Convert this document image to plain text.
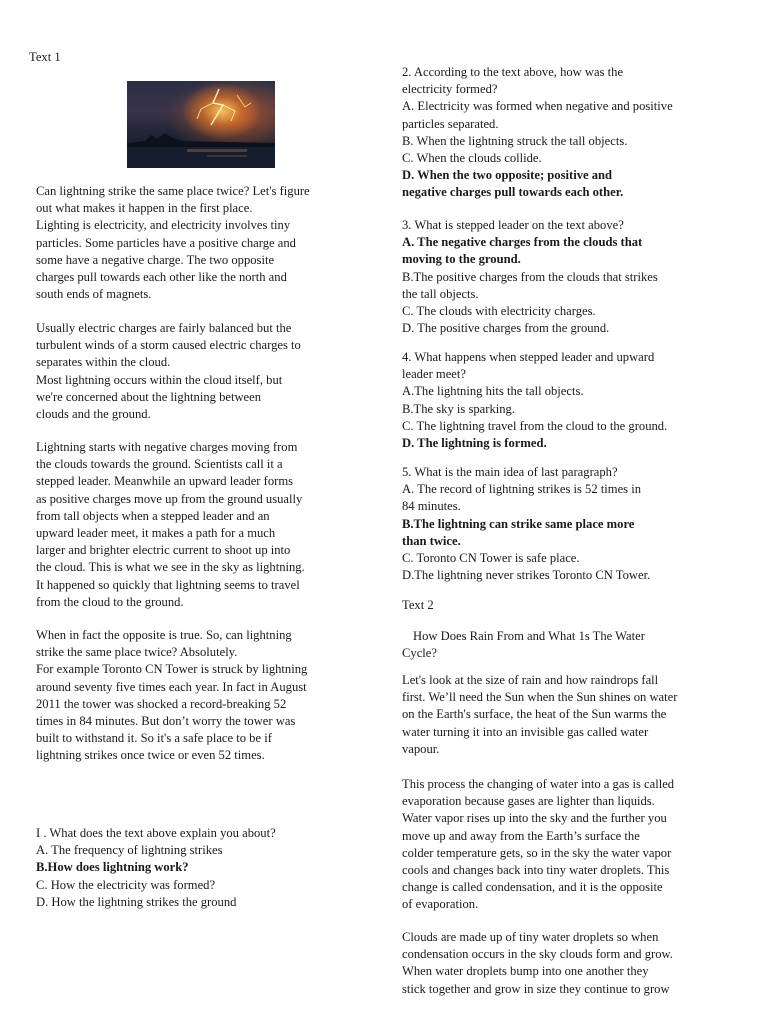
Text 1
Can lightning strike the same place twice? Let's figure
out what makes it happen in the first place.
Lighting is electricity, and electricity involves tiny
particles. Some particles have a positive charge and
some have a negative charge. The two opposite
charges pull towards each other like the north and
south ends of magnets.
Usually electric charges are fairly balanced but the
turbulent winds of a storm caused electric charges to
separates within the cloud.
Most lightning occurs within the cloud itself, but
we're concerned about the lightning between
clouds and the ground.
Lightning starts with negative charges moving from
the clouds towards the ground. Scientists call it a
stepped leader. Meanwhile an upward leader forms
as positive charges move up from the ground usually
from tall objects when a stepped leader and an
upward leader meet, it makes a path for a much
larger and brighter electric current to shoot up into
the cloud. This is what we see in the sky as lightning.
It happened so quickly that lightning seems to travel
from the cloud to the ground.
When in fact the opposite is true. So, can lightning
strike the same place twice? Absolutely.
For example Toronto CN Tower is struck by lightning
around seventy five times each year. In fact in August
2011 the tower was shocked a record-breaking 52
times in 84 minutes. But don’t worry the tower was
built to withstand it. So it's a safe place to be if
lightning strikes once twice or even 52 times.
I . What does the text above explain you about?
A. The frequency of lightning strikes
B.How does lightning work?
C. How the electricity was formed?
D. How the lightning strikes the ground
2. According to the text above, how was the
electricity formed?
A. Electricity was formed when negative and positive
particles separated.
B. When the lightning struck the tall objects.
C. When the clouds collide.
D. When the two opposite; positive and
negative charges pull towards each other.
3. What is stepped leader on the text above?
A. The negative charges from the clouds that
moving to the ground.
B.The positive charges from the clouds that strikes
the tall objects.
C. The clouds with electricity charges.
D. The positive charges from the ground.
4. What happens when stepped leader and upward
leader meet?
A.The lightning hits the tall objects.
B.The sky is sparking.
C. The lightning travel from the cloud to the ground.
D. The lightning is formed.
5. What is the main idea of last paragraph?
A. The record of lightning strikes is 52 times in
84 minutes.
B.The lightning can strike same place more
than twice.
C. Toronto CN Tower is safe place.
D.The lightning never strikes Toronto CN Tower.
Text 2
How Does Rain From and What 1s The Water
Cycle?
Let's look at the size of rain and how raindrops fall
first. We’ll need the Sun when the Sun shines on water
on the Earth's surface, the heat of the Sun warms the
water turning it into an invisible gas called water
vapour.
This process the changing of water into a gas is called
evaporation because gases are lighter than liquids.
Water vapor rises up into the sky and the further you
move up and away from the Earth’s surface the
colder temperature gets, so in the sky the water vapor
cools and changes back into tiny water droplets. This
change is called condensation, and it is the opposite
of evaporation.
Clouds are made up of tiny water droplets so when
condensation occurs in the sky clouds form and grow.
When water droplets bump into one another they
stick together and grow in size they continue to grow
